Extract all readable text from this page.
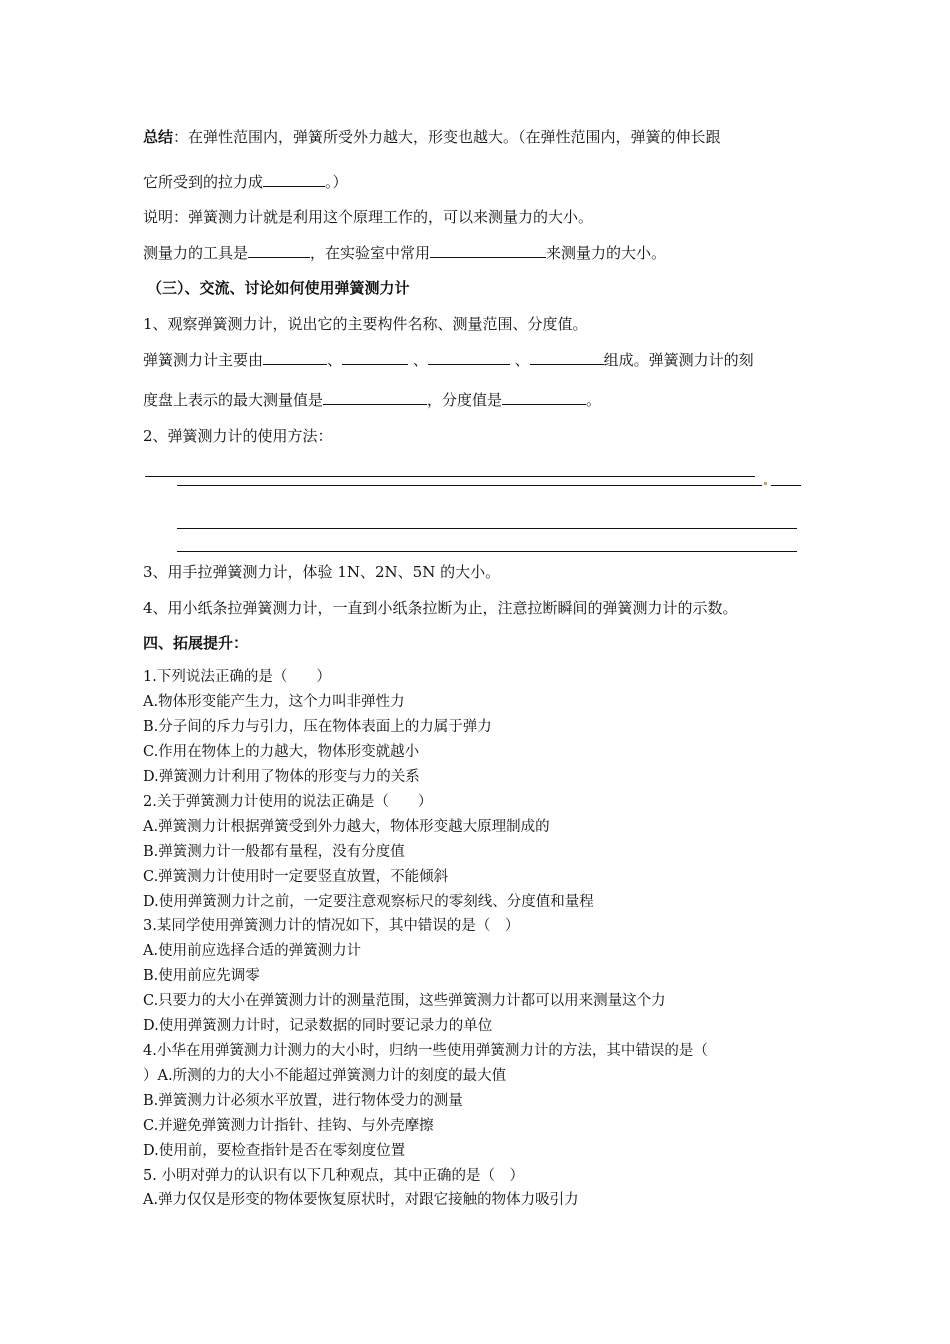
总结：在弹性范围内，弹簧所受外力越大，形变也越大。（在弹性范围内，弹簧的伸长跟
它所受到的拉力成	。）
说明：弹簧测力计就是利用这个原理工作的，可以来测量力的大小。
测量力的工具是	，在实验室中常用	来测量力的大小。
（三）、交流、讨论如何使用弹簧测力计
1、观察弹簧测力计，说出它的主要构件名称、测量范围、分度值。
弹簧测力计主要由	、	、	、	组成。弹簧测力计的刻
度盘上表示的最大测量值是	，分度值是	。
2、弹簧测力计的使用方法：
3、用手拉弹簧测力计，体验 1N、2N、5N 的大小。
4、用小纸条拉弹簧测力计，一直到小纸条拉断为止，注意拉断瞬间的弹簧测力计的示数。
四、拓展提升：
1.下列说法正确的是（　　）
A.物体形变能产生力，这个力叫非弹性力
B.分子间的斥力与引力，压在物体表面上的力属于弹力
C.作用在物体上的力越大，物体形变就越小
D.弹簧测力计利用了物体的形变与力的关系
2.关于弹簧测力计使用的说法正确是（　　）
A.弹簧测力计根据弹簧受到外力越大，物体形变越大原理制成的
B.弹簧测力计一般都有量程，没有分度值
C.弹簧测力计使用时一定要竖直放置，不能倾斜
D.使用弹簧测力计之前，一定要注意观察标尺的零刻线、分度值和量程
3.某同学使用弹簧测力计的情况如下，其中错误的是（　）
A.使用前应选择合适的弹簧测力计
B.使用前应先调零
C.只要力的大小在弹簧测力计的测量范围，这些弹簧测力计都可以用来测量这个力
D.使用弹簧测力计时，记录数据的同时要记录力的单位
4.小华在用弹簧测力计测力的大小时，归纳一些使用弹簧测力计的方法，其中错误的是（
）A.所测的力的大小不能超过弹簧测力计的刻度的最大值
B.弹簧测力计必须水平放置，进行物体受力的测量
C.并避免弹簧测力计指针、挂钩、与外壳摩擦
D.使用前，要检查指针是否在零刻度位置
5. 小明对弹力的认识有以下几种观点，其中正确的是（　）
A.弹力仅仅是形变的物体要恢复原状时，对跟它接触的物体力吸引力
